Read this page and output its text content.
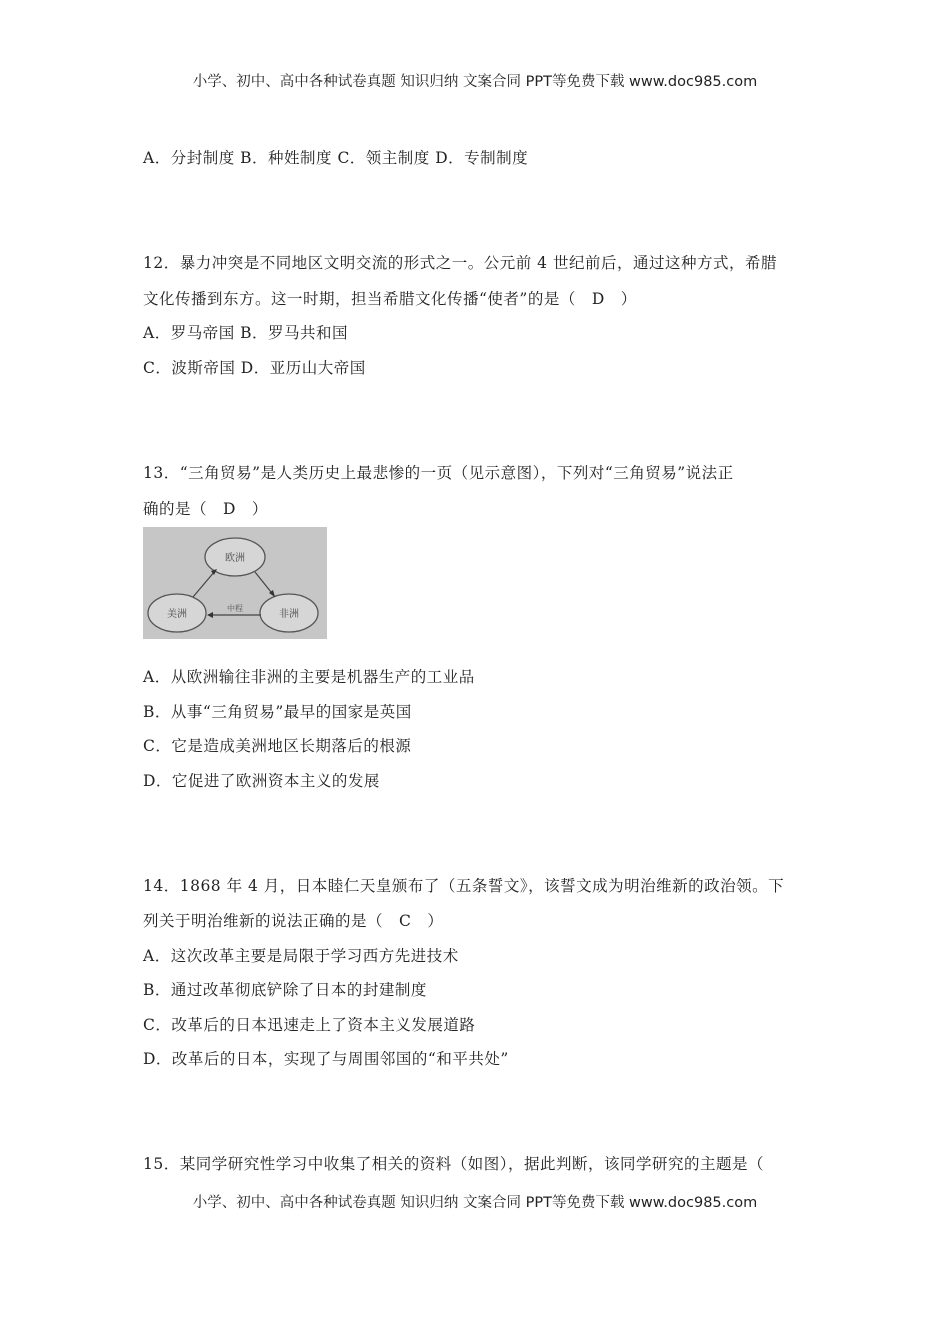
小学、初中、高中各种试卷真题 知识归纳 文案合同 PPT等免费下载 www.doc985.com
A．分封制度 B．种姓制度 C．领主制度 D．专制制度
12．暴力冲突是不同地区文明交流的形式之一。公元前 4 世纪前后，通过这种方式，希腊
文化传播到东方。这一时期，担当希腊文化传播“使者”的是（　D　）
A．罗马帝国 B．罗马共和国
C．波斯帝国 D．亚历山大帝国
13．“三角贸易”是人类历史上最悲惨的一页（见示意图），下列对“三角贸易”说法正
确的是（　D　）
欧洲
美洲	非洲
中程
A．从欧洲输往非洲的主要是机器生产的工业品
B．从事“三角贸易”最早的国家是英国
C．它是造成美洲地区长期落后的根源
D．它促进了欧洲资本主义的发展
14．1868 年 4 月，日本睦仁天皇颁布了（五条誓文》，该誓文成为明治维新的政治领。下
列关于明治维新的说法正确的是（　C　）
A．这次改革主要是局限于学习西方先进技术
B．通过改革彻底铲除了日本的封建制度
C．改革后的日本迅速走上了资本主义发展道路
D．改革后的日本，实现了与周围邻国的“和平共处”
15．某同学研究性学习中收集了相关的资料（如图），据此判断，该同学研究的主题是（
小学、初中、高中各种试卷真题 知识归纳 文案合同 PPT等免费下载 www.doc985.com
